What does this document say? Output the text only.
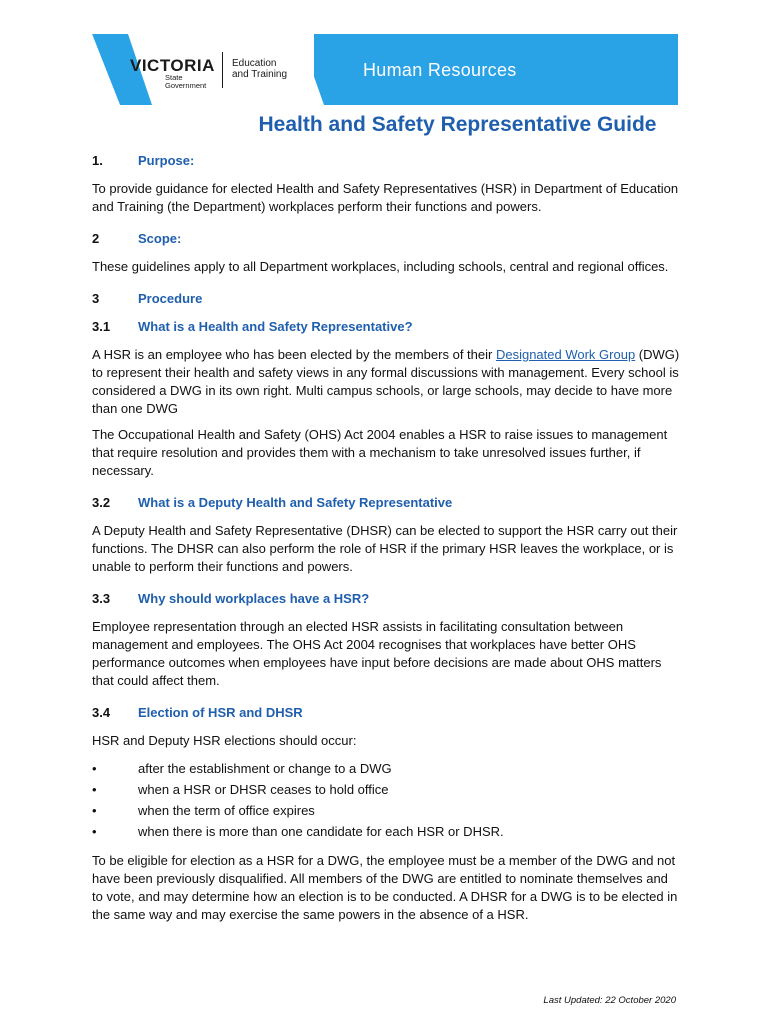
VICTORIA
State
Government
Education
and Training	Human Resources
Health and Safety Representative Guide
1.	Purpose:

To provide guidance for elected Health and Safety Representatives (HSR) in Department of Education and Training (the Department) workplaces perform their functions and powers.

2	Scope:

These guidelines apply to all Department workplaces, including schools, central and regional offices.

3	Procedure
3.1	What is a Health and Safety Representative?

A HSR is an employee who has been elected by the members of their Designated Work Group (DWG) to represent their health and safety views in any formal discussions with management. Every school is considered a DWG in its own right. Multi campus schools, or large schools, may decide to have more than one DWG

The Occupational Health and Safety (OHS) Act 2004 enables a HSR to raise issues to management that require resolution and provides them with a mechanism to take unresolved issues further, if necessary.

3.2	What is a Deputy Health and Safety Representative

A Deputy Health and Safety Representative (DHSR) can be elected to support the HSR carry out their functions. The DHSR can also perform the role of HSR if the primary HSR leaves the workplace, or is unable to perform their functions and powers.

3.3	Why should workplaces have a HSR?

Employee representation through an elected HSR assists in facilitating consultation between management and employees. The OHS Act 2004 recognises that workplaces have better OHS performance outcomes when employees have input before decisions are made about OHS matters that could affect them.

3.4	Election of HSR and DHSR

HSR and Deputy HSR elections should occur:

•	after the establishment or change to a DWG
•	when a HSR or DHSR ceases to hold office
•	when the term of office expires
•	when there is more than one candidate for each HSR or DHSR.

To be eligible for election as a HSR for a DWG, the employee must be a member of the DWG and not have been previously disqualified. All members of the DWG are entitled to nominate themselves and to vote, and may determine how an election is to be conducted. A DHSR for a DWG is to be elected in the same way and may exercise the same powers in the absence of a HSR.

Last Updated: 22 October 2020
